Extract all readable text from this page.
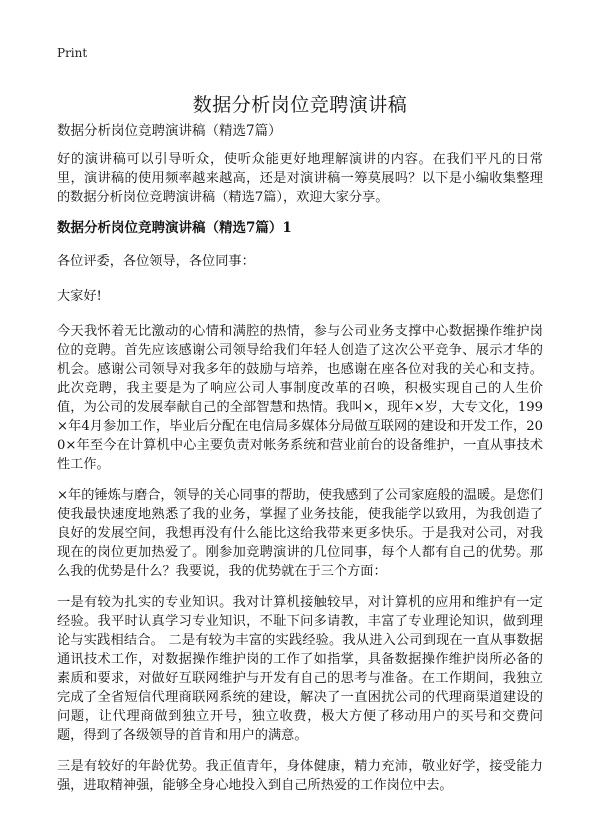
Print
数据分析岗位竞聘演讲稿
数据分析岗位竞聘演讲稿（精选7篇）

好的演讲稿可以引导听众，使听众能更好地理解演讲的内容。在我们平凡的日常里，演讲稿的使用频率越来越高，还是对演讲稿一筹莫展吗？以下是小编收集整理的数据分析岗位竞聘演讲稿（精选7篇），欢迎大家分享。

数据分析岗位竞聘演讲稿（精选7篇）1

各位评委，各位领导，各位同事：

大家好!

今天我怀着无比激动的心情和满腔的热情，参与公司业务支撑中心数据操作维护岗位的竞聘。首先应该感谢公司领导给我们年轻人创造了这次公平竞争、展示才华的机会。感谢公司领导对我多年的鼓励与培养，也感谢在座各位对我的关心和支持。此次竞聘，我主要是为了响应公司人事制度改革的召唤，积极实现自己的人生价值，为公司的发展奉献自己的全部智慧和热情。我叫×，现年×岁，大专文化，199×年4月参加工作，毕业后分配在电信局多媒体分局做互联网的建设和开发工作，200×年至今在计算机中心主要负责对帐务系统和营业前台的设备维护，一直从事技术性工作。

×年的锤炼与磨合，领导的关心同事的帮助，使我感到了公司家庭般的温暖。是您们使我最快速度地熟悉了我的业务，掌握了业务技能，使我能学以致用，为我创造了良好的发展空间，我想再没有什么能比这给我带来更多快乐。于是我对公司，对我现在的岗位更加热爱了。刚参加竞聘演讲的几位同事，每个人都有自己的优势。那么我的优势是什么？我要说，我的优势就在于三个方面：

一是有较为扎实的专业知识。我对计算机接触较早，对计算机的应用和维护有一定经验。我平时认真学习专业知识，不耻下问多请教，丰富了专业理论知识，做到理论与实践相结合。 二是有较为丰富的实践经验。我从进入公司到现在一直从事数据通讯技术工作，对数据操作维护岗的工作了如指掌，具备数据操作维护岗所必备的素质和要求，对做好互联网维护与开发有自己的思考与准备。在工作期间，我独立完成了全省短信代理商联网系统的建设，解决了一直困扰公司的代理商渠道建设的问题，让代理商做到独立开号，独立收费，极大方便了移动用户的买号和交费问题，得到了各级领导的首肯和用户的满意。

三是有较好的年龄优势。我正值青年，身体健康，精力充沛，敬业好学，接受能力强，进取精神强，能够全身心地投入到自己所热爱的工作岗位中去。
